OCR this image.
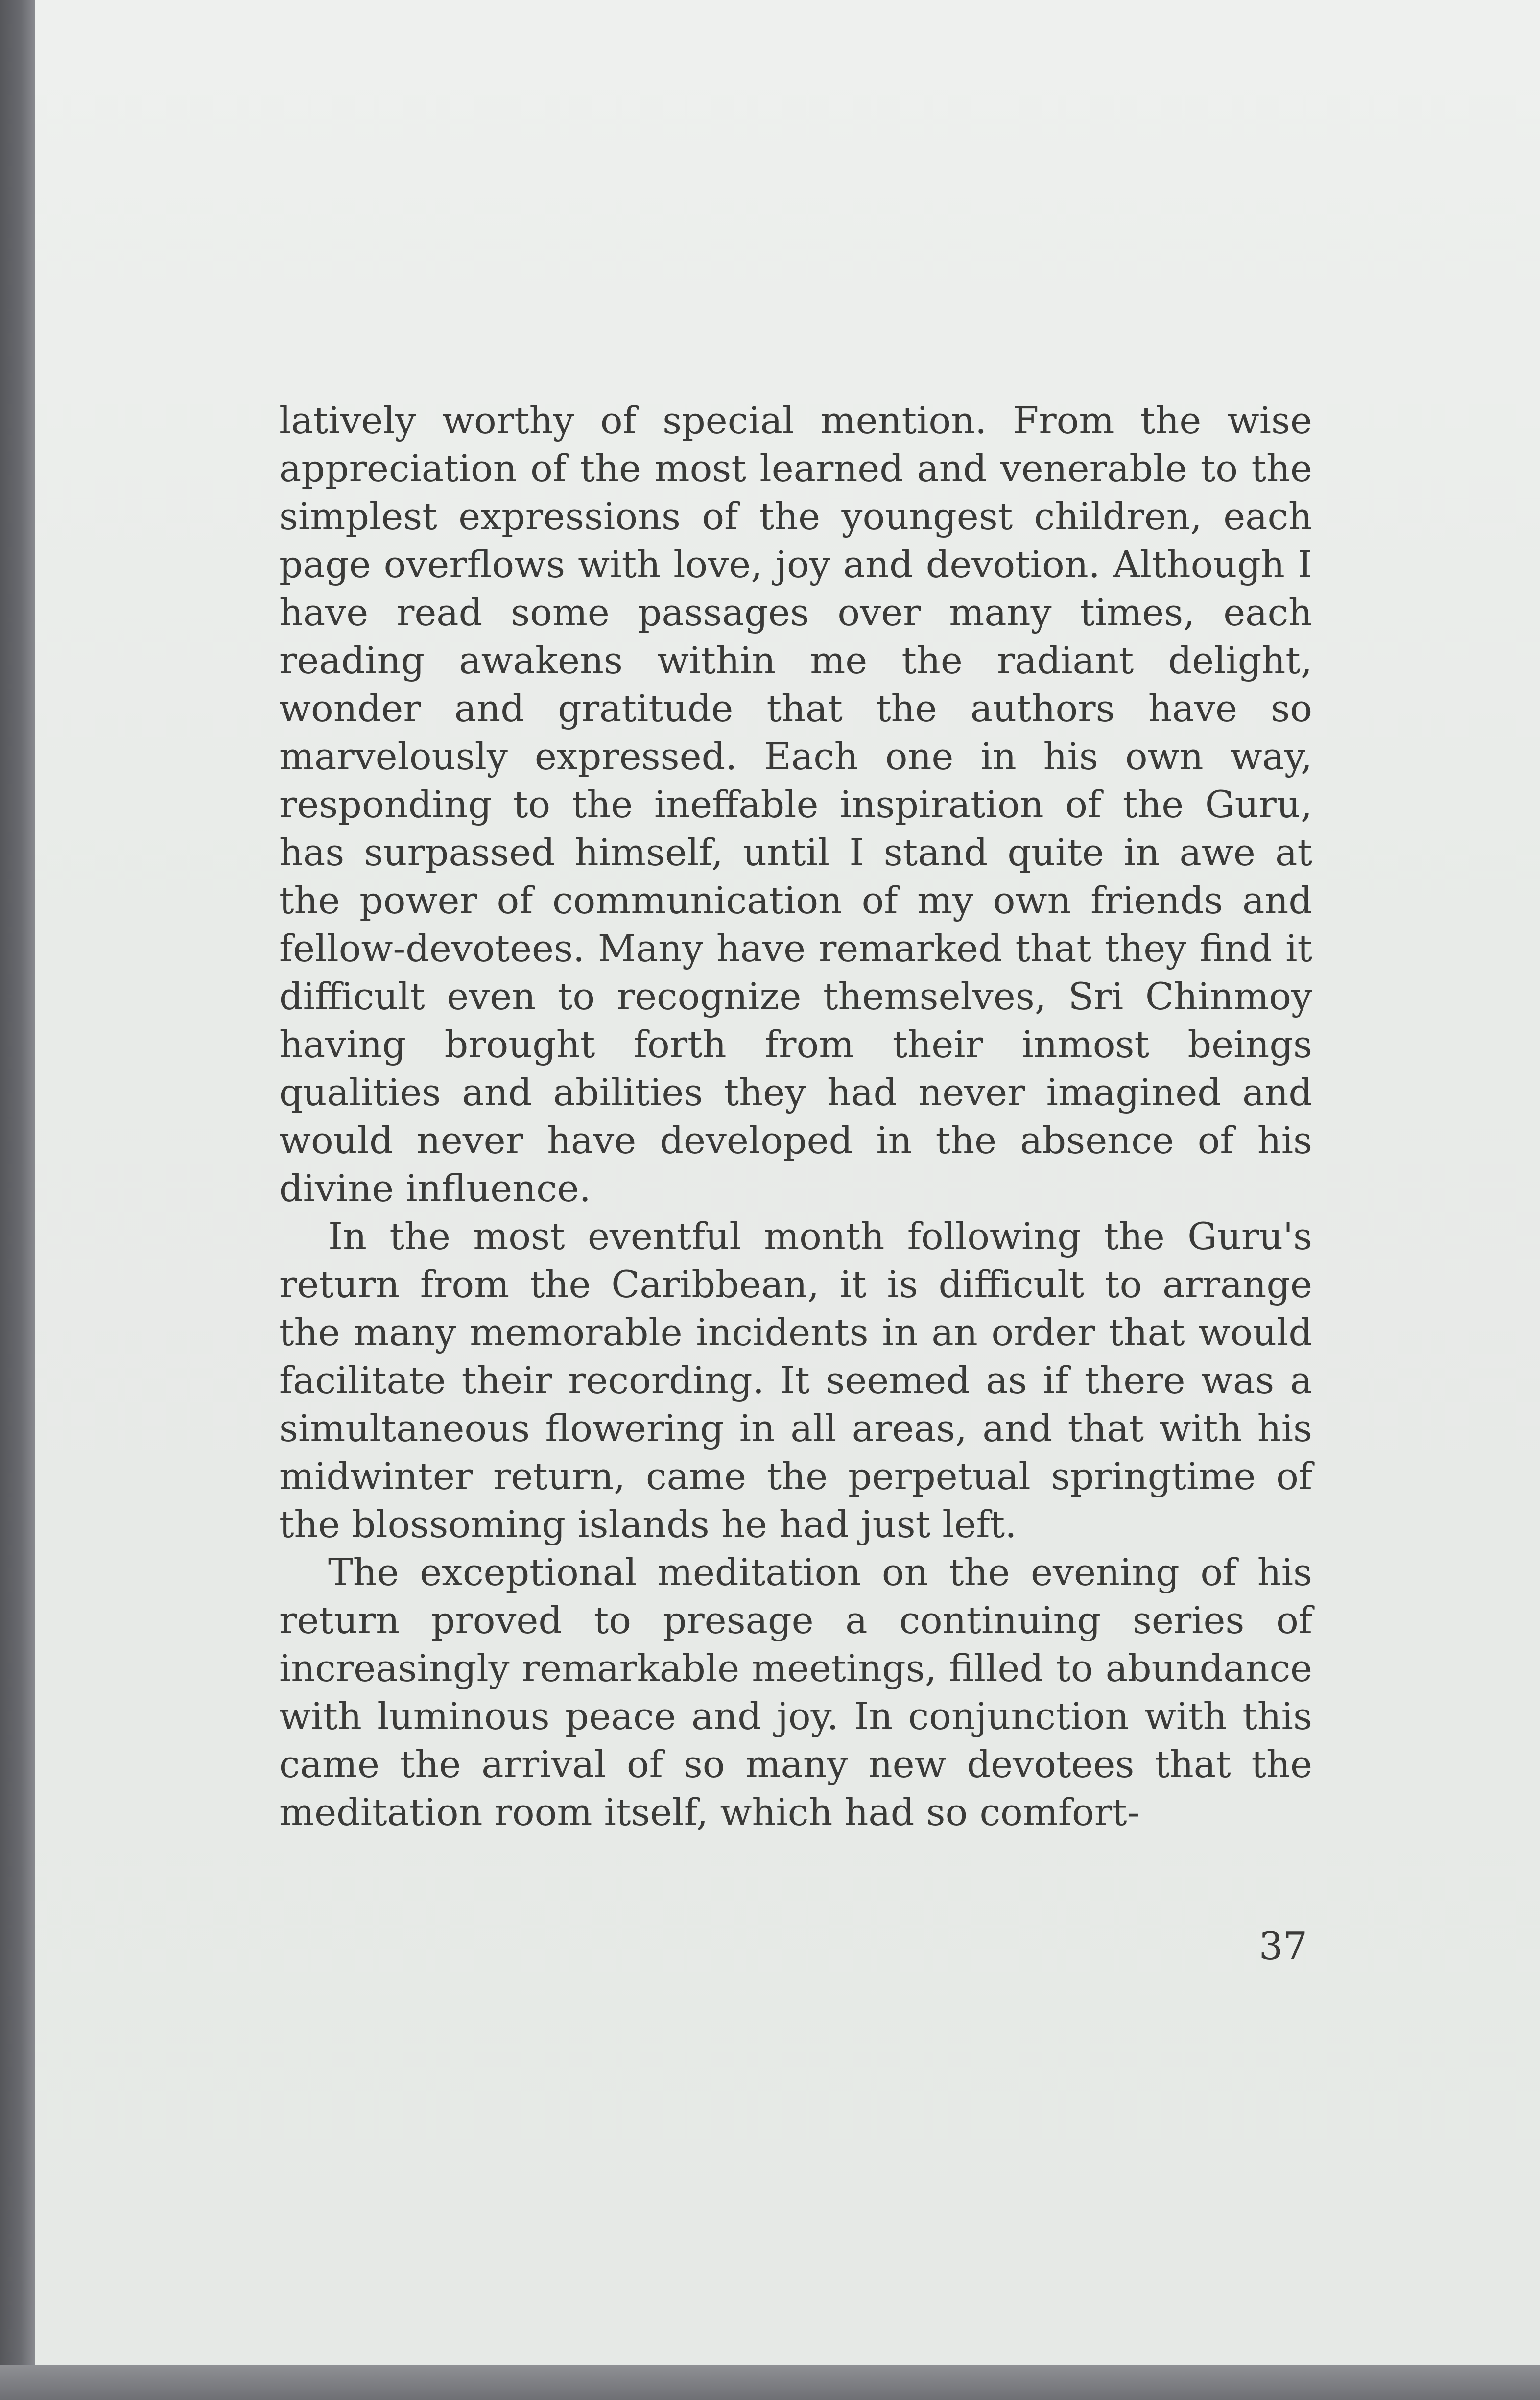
latively worthy of special mention. From the wise appreciation of the most learned and venerable to the simplest expressions of the youngest children, each page overflows with love, joy and devotion. Although I have read some passages over many times, each reading awakens within me the radiant delight, wonder and gratitude that the authors have so marvelously expressed. Each one in his own way, responding to the ineffable inspiration of the Guru, has surpassed himself, until I stand quite in awe at the power of communication of my own friends and fellow-devotees. Many have remarked that they find it difficult even to recognize themselves, Sri Chinmoy having brought forth from their inmost beings qualities and abilities they had never imagined and would never have developed in the absence of his divine influence.

In the most eventful month following the Guru's return from the Caribbean, it is difficult to arrange the many memorable incidents in an order that would facilitate their recording. It seemed as if there was a simultaneous flowering in all areas, and that with his midwinter return, came the perpetual springtime of the blossoming islands he had just left.

The exceptional meditation on the evening of his return proved to presage a continuing series of increasingly remarkable meetings, filled to abundance with luminous peace and joy. In conjunction with this came the arrival of so many new devotees that the meditation room itself, which had so comfort-

37
